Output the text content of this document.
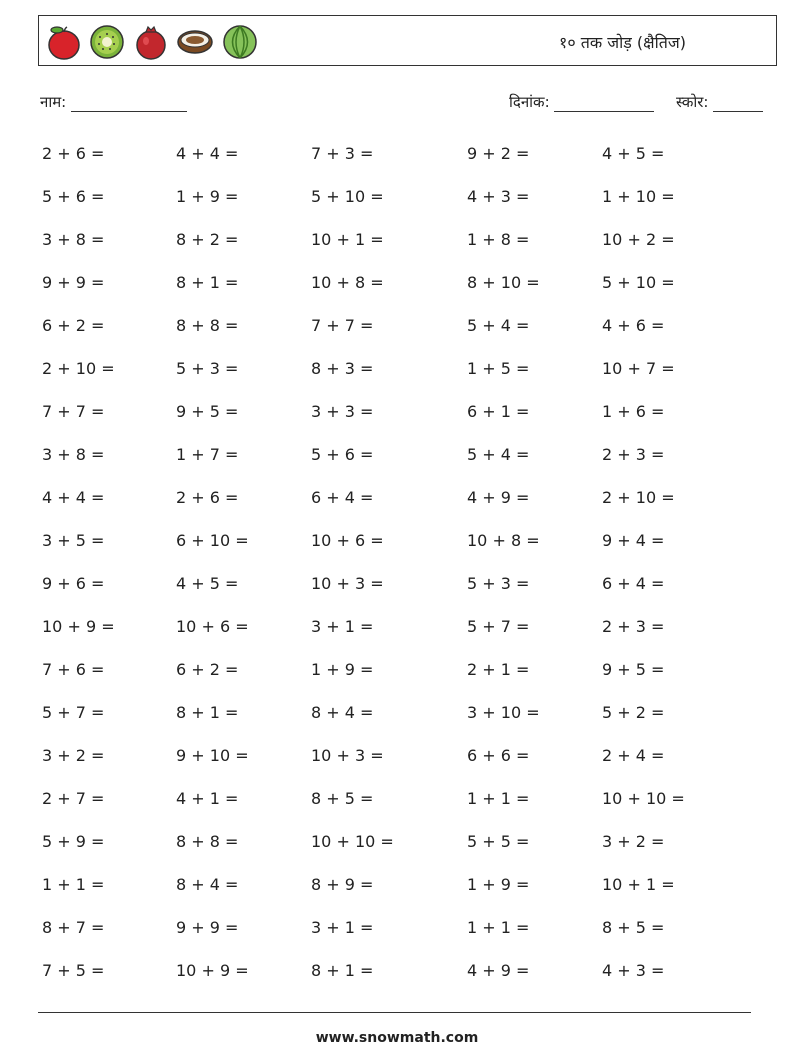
१० तक जोड़ (क्षैतिज)
नाम:	दिनांक:	स्कोर:
2 + 6 =	4 + 4 =	7 + 3 =	9 + 2 =	4 + 5 =
5 + 6 =	1 + 9 =	5 + 10 =	4 + 3 =	1 + 10 =
3 + 8 =	8 + 2 =	10 + 1 =	1 + 8 =	10 + 2 =
9 + 9 =	8 + 1 =	10 + 8 =	8 + 10 =	5 + 10 =
6 + 2 =	8 + 8 =	7 + 7 =	5 + 4 =	4 + 6 =
2 + 10 =	5 + 3 =	8 + 3 =	1 + 5 =	10 + 7 =
7 + 7 =	9 + 5 =	3 + 3 =	6 + 1 =	1 + 6 =
3 + 8 =	1 + 7 =	5 + 6 =	5 + 4 =	2 + 3 =
4 + 4 =	2 + 6 =	6 + 4 =	4 + 9 =	2 + 10 =
3 + 5 =	6 + 10 =	10 + 6 =	10 + 8 =	9 + 4 =
9 + 6 =	4 + 5 =	10 + 3 =	5 + 3 =	6 + 4 =
10 + 9 =	10 + 6 =	3 + 1 =	5 + 7 =	2 + 3 =
7 + 6 =	6 + 2 =	1 + 9 =	2 + 1 =	9 + 5 =
5 + 7 =	8 + 1 =	8 + 4 =	3 + 10 =	5 + 2 =
3 + 2 =	9 + 10 =	10 + 3 =	6 + 6 =	2 + 4 =
2 + 7 =	4 + 1 =	8 + 5 =	1 + 1 =	10 + 10 =
5 + 9 =	8 + 8 =	10 + 10 =	5 + 5 =	3 + 2 =
1 + 1 =	8 + 4 =	8 + 9 =	1 + 9 =	10 + 1 =
8 + 7 =	9 + 9 =	3 + 1 =	1 + 1 =	8 + 5 =
7 + 5 =	10 + 9 =	8 + 1 =	4 + 9 =	4 + 3 =
www.snowmath.com
